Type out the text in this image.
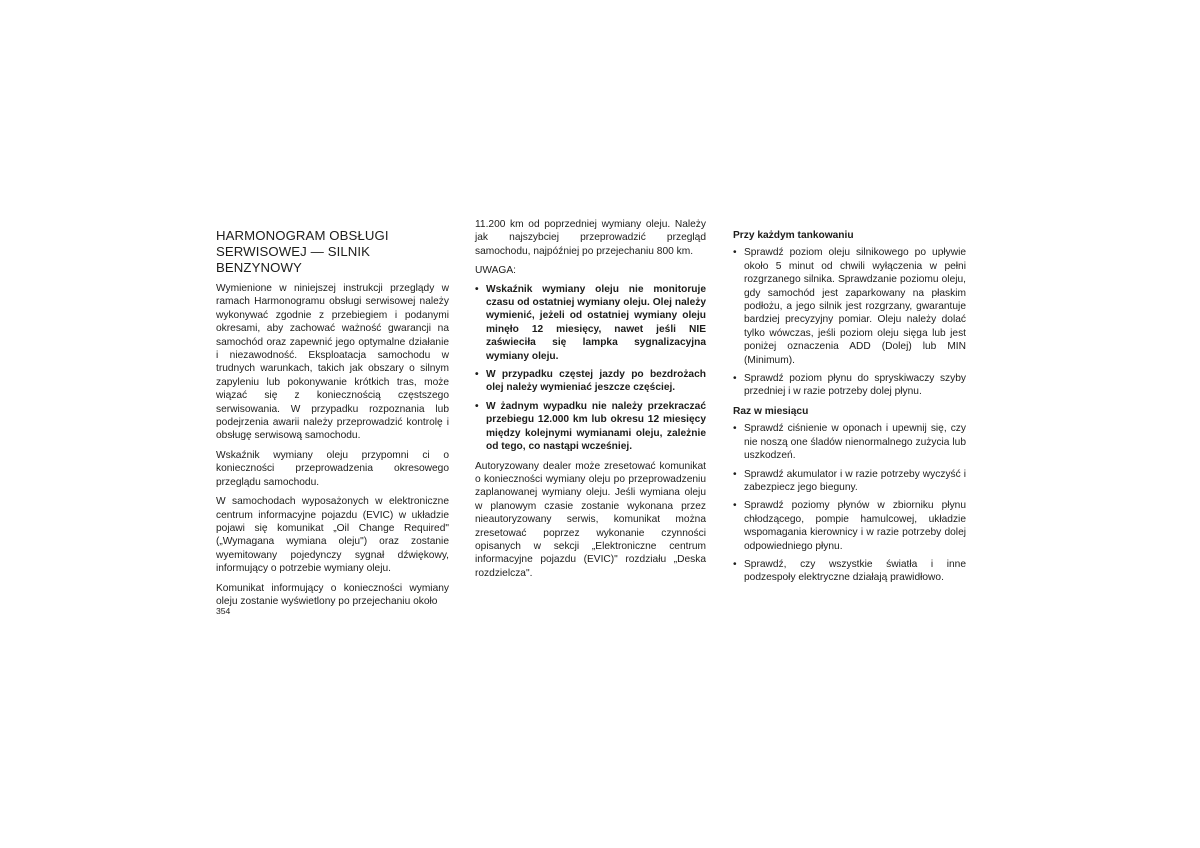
HARMONOGRAM OBSŁUGI
SERWISOWEJ — SILNIK BENZYNOWY

Wymienione w niniejszej instrukcji przeglądy w ramach Harmonogramu obsługi serwisowej należy wykonywać zgodnie z przebiegiem i podanymi okresami, aby zachować ważność gwarancji na samochód oraz zapewnić jego optymalne działanie i niezawodność. Eksploatacja samochodu w trudnych warunkach, takich jak obszary o silnym zapyleniu lub pokonywanie krótkich tras, może wiązać się z koniecznością częstszego serwisowania. W przypadku rozpoznania lub podejrzenia awarii należy przeprowadzić kontrolę i obsługę serwisową samochodu.

Wskaźnik wymiany oleju przypomni ci o konieczności przeprowadzenia okresowego przeglądu samochodu.

W samochodach wyposażonych w elektroniczne centrum informacyjne pojazdu (EVIC) w układzie pojawi się komunikat „Oil Change Required" („Wymagana wymiana oleju") oraz zostanie wyemitowany pojedynczy sygnał dźwiękowy, informujący o potrzebie wymiany oleju.

Komunikat informujący o konieczności wymiany oleju zostanie wyświetlony po przejechaniu około

11.200 km od poprzedniej wymiany oleju. Należy jak najszybciej przeprowadzić przegląd samochodu, najpóźniej po przejechaniu 800 km.

UWAGA:
• Wskaźnik wymiany oleju nie monitoruje czasu od ostatniej wymiany oleju. Olej należy wymienić, jeżeli od ostatniej wymiany oleju minęło 12 miesięcy, nawet jeśli NIE zaświeciła się lampka sygnalizacyjna wymiany oleju.
• W przypadku częstej jazdy po bezdrożach olej należy wymieniać jeszcze częściej.
• W żadnym wypadku nie należy przekraczać przebiegu 12.000 km lub okresu 12 miesięcy między kolejnymi wymianami oleju, zależnie od tego, co nastąpi wcześniej.

Autoryzowany dealer może zresetować komunikat o konieczności wymiany oleju po przeprowadzeniu zaplanowanej wymiany oleju. Jeśli wymiana oleju w planowym czasie zostanie wykonana przez nieautoryzowany serwis, komunikat można zresetować poprzez wykonanie czynności opisanych w sekcji „Elektroniczne centrum informacyjne pojazdu (EVIC)" rozdziału „Deska rozdzielcza".

Przy każdym tankowaniu
• Sprawdź poziom oleju silnikowego po upływie około 5 minut od chwili wyłączenia w pełni rozgrzanego silnika. Sprawdzanie poziomu oleju, gdy samochód jest zaparkowany na płaskim podłożu, a jego silnik jest rozgrzany, gwarantuje bardziej precyzyjny pomiar. Oleju należy dolać tylko wówczas, jeśli poziom oleju sięga lub jest poniżej oznaczenia ADD (Dolej) lub MIN (Minimum).
• Sprawdź poziom płynu do spryskiwaczy szyby przedniej i w razie potrzeby dolej płynu.
Raz w miesiącu
• Sprawdź ciśnienie w oponach i upewnij się, czy nie noszą one śladów nienormalnego zużycia lub uszkodzeń.
• Sprawdź akumulator i w razie potrzeby wyczyść i zabezpiecz jego bieguny.
• Sprawdź poziomy płynów w zbiorniku płynu chłodzącego, pompie hamulcowej, układzie wspomagania kierownicy i w razie potrzeby dolej odpowiedniego płynu.
• Sprawdź, czy wszystkie światła i inne podzespoły elektryczne działają prawidłowo.
354
